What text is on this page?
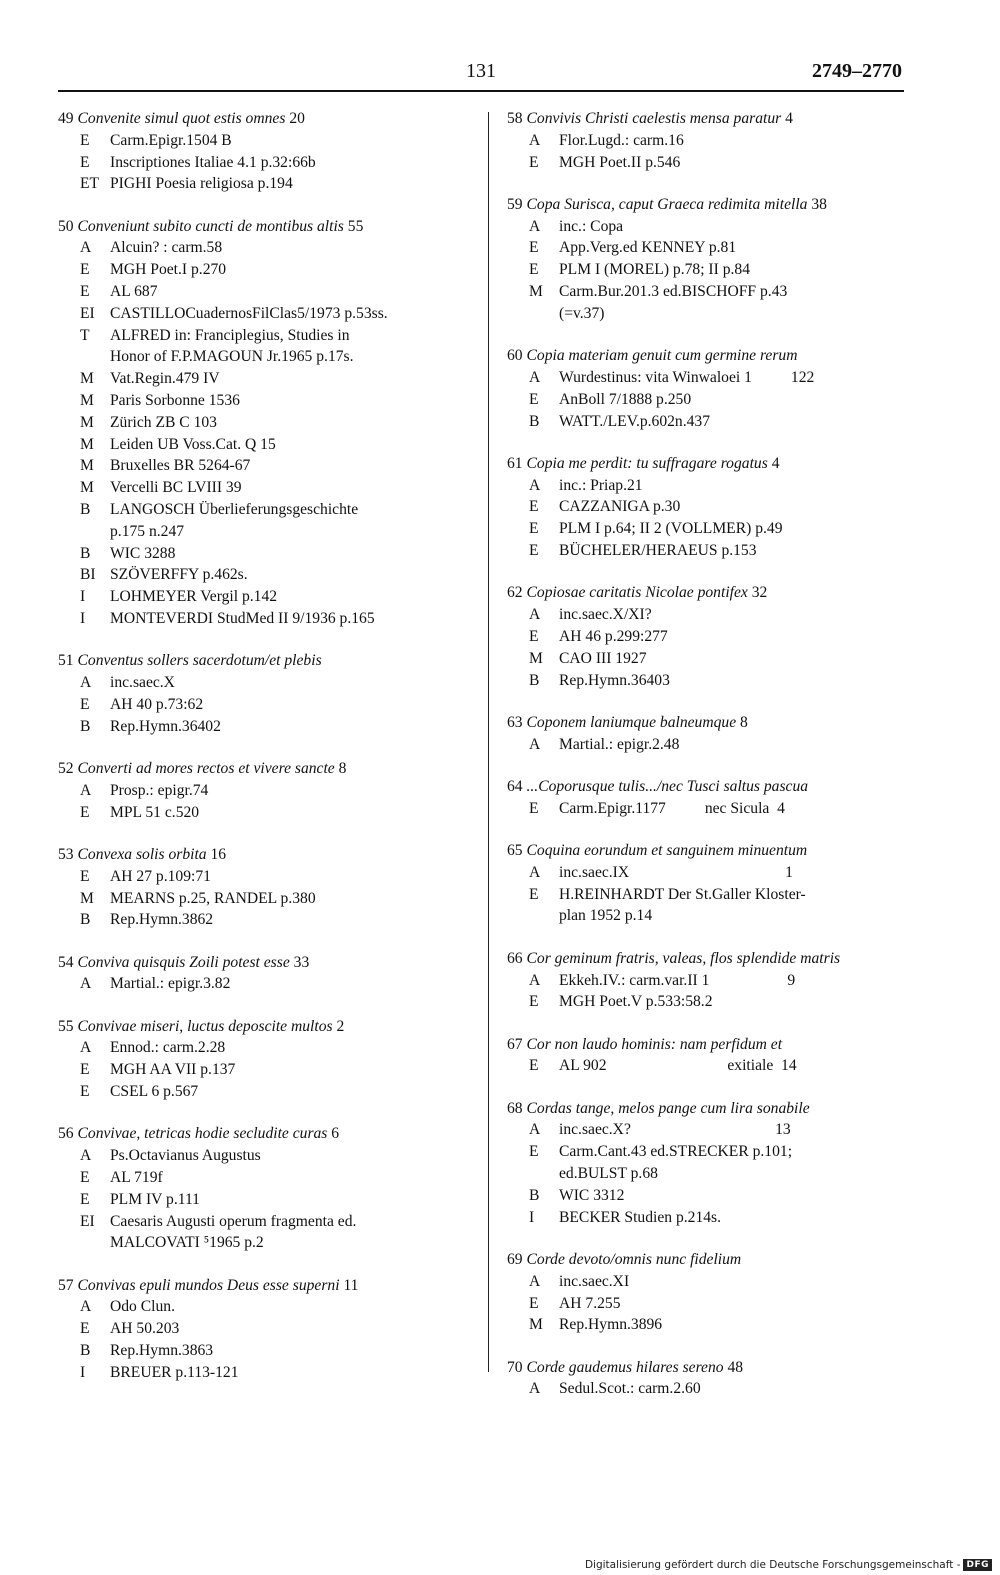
131	2749–2770
49 Convenite simul quot estis omnes 20
E	Carm.Epigr.1504 B
E	Inscriptiones Italiae 4.1 p.32:66b
ET PIGHI Poesia religiosa p.194
50 Conveniunt subito cuncti de montibus altis 55
A	Alcuin? : carm.58
E	MGH Poet.I p.270
E	AL 687
EI CASTILLOCuadernosFilClas5/1973 p.53ss.
T	ALFRED in: Franciplegius, Studies in
Honor of F.P.MAGOUN Jr.1965 p.17s.
M	Vat.Regin.479 IV
M	Paris Sorbonne 1536
M	Zürich ZB C 103
M	Leiden UB Voss.Cat. Q 15
M	Bruxelles BR 5264-67
M	Vercelli BC LVIII 39
B	LANGOSCH Überlieferungsgeschichte
p.175 n.247
B	WIC 3288
BI SZÖVERFFY p.462s.
I	LOHMEYER Vergil p.142
I	MONTEVERDI StudMed II 9/1936 p.165
51 Conventus sollers sacerdotum/et plebis
A	inc.saec.X
E	AH 40 p.73:62
B	Rep.Hymn.36402
52 Converti ad mores rectos et vivere sancte 8
A	Prosp.: epigr.74
E	MPL 51 c.520
53 Convexa solis orbita 16
E	AH 27 p.109:71
M	MEARNS p.25, RANDEL p.380
B	Rep.Hymn.3862
54 Conviva quisquis Zoili potest esse 33
A	Martial.: epigr.3.82
55 Convivae miseri, luctus deposcite multos 2
A	Ennod.: carm.2.28
E	MGH AA VII p.137
E	CSEL 6 p.567
56 Convivae, tetricas hodie secludite curas 6
A	Ps.Octavianus Augustus
E	AL 719f
E	PLM IV p.111
EI Caesaris Augusti operum fragmenta ed.
MALCOVATI ⁵1965 p.2
57 Convivas epuli mundos Deus esse superni 11
A	Odo Clun.
E	AH 50.203
B	Rep.Hymn.3863
I	BREUER p.113-121
58 Convivis Christi caelestis mensa paratur 4
A	Flor.Lugd.: carm.16
E	MGH Poet.II p.546
59 Copa Surisca, caput Graeca redimita mitella 38
A	inc.: Copa
E	App.Verg.ed KENNEY p.81
E	PLM I (MOREL) p.78; II p.84
M	Carm.Bur.201.3 ed.BISCHOFF p.43
(=v.37)
60 Copia materiam genuit cum germine rerum
A	Wurdestinus: vita Winwaloei 1          122
E	AnBoll 7/1888 p.250
B	WATT./LEV.p.602n.437
61 Copia me perdit: tu suffragare rogatus 4
A	inc.: Priap.21
E	CAZZANIGA p.30
E	PLM I p.64; II 2 (VOLLMER) p.49
E	BÜCHELER/HERAEUS p.153
62 Copiosae caritatis Nicolae pontifex 32
A	inc.saec.X/XI?
E	AH 46 p.299:277
M	CAO III 1927
B	Rep.Hymn.36403
63 Coponem laniumque balneumque 8
A	Martial.: epigr.2.48
64 ...Coporusque tulis.../nec Tusci saltus pascua
E	Carm.Epigr.1177          nec Sicula  4
65 Coquina eorundum et sanguinem minuentum
A	inc.saec.IX                                        1
E	H.REINHARDT Der St.Galler Kloster-
plan 1952 p.14
66 Cor geminum fratris, valeas, flos splendide matris
A	Ekkeh.IV.: carm.var.II 1                    9
E	MGH Poet.V p.533:58.2
67 Cor non laudo hominis: nam perfidum et
E	AL 902                               exitiale  14
68 Cordas tange, melos pange cum lira sonabile
A	inc.saec.X?                                     13
E	Carm.Cant.43 ed.STRECKER p.101;
ed.BULST p.68
B	WIC 3312
I	BECKER Studien p.214s.
69 Corde devoto/omnis nunc fidelium
A	inc.saec.XI
E	AH 7.255
M	Rep.Hymn.3896
70 Corde gaudemus hilares sereno 48
A	Sedul.Scot.: carm.2.60
Digitalisierung gefördert durch die Deutsche Forschungsgemeinschaft - DFG
